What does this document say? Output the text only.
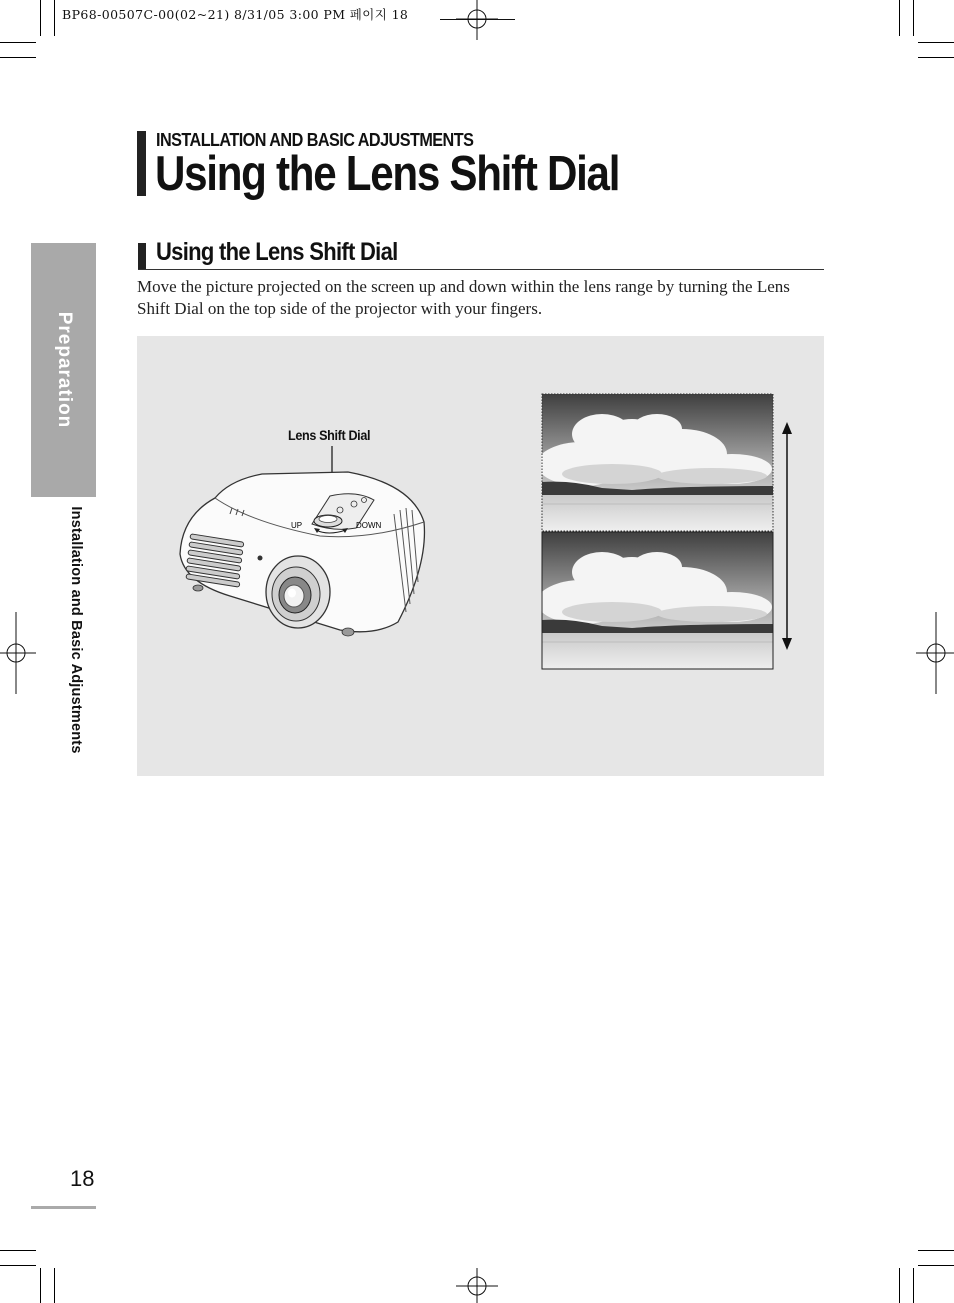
BP68-00507C-00(02~21) 8/31/05 3:00 PM 페이지 18
Preparation
Installation and Basic Adjustments
INSTALLATION AND BASIC ADJUSTMENTS
Using the Lens Shift Dial
Using the Lens Shift Dial
Move the picture projected on the screen up and down within the lens range by turning the Lens Shift Dial on the top side of the projector with your fingers.
Lens Shift Dial
UP	DOWN
18
